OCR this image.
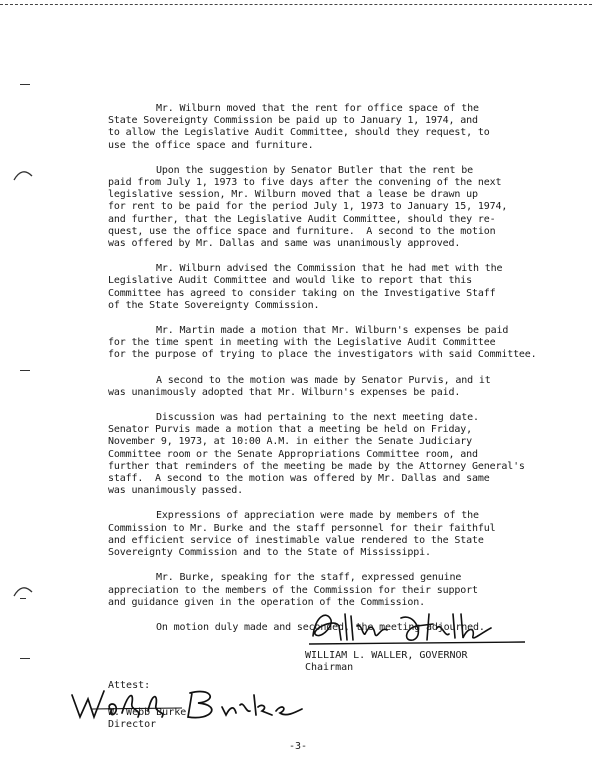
Mr. Wilburn moved that the rent for office space of the
State Sovereignty Commission be paid up to January 1, 1974, and
to allow the Legislative Audit Committee, should they request, to
use the office space and furniture.

Upon the suggestion by Senator Butler that the rent be
paid from July 1, 1973 to five days after the convening of the next
legislative session, Mr. Wilburn moved that a lease be drawn up
for rent to be paid for the period July 1, 1973 to January 15, 1974,
and further, that the Legislative Audit Committee, should they re-
quest, use the office space and furniture.  A second to the motion
was offered by Mr. Dallas and same was unanimously approved.

Mr. Wilburn advised the Commission that he had met with the
Legislative Audit Committee and would like to report that this
Committee has agreed to consider taking on the Investigative Staff
of the State Sovereignty Commission.

Mr. Martin made a motion that Mr. Wilburn's expenses be paid
for the time spent in meeting with the Legislative Audit Committee
for the purpose of trying to place the investigators with said Committee.

A second to the motion was made by Senator Purvis, and it
was unanimously adopted that Mr. Wilburn's expenses be paid.

Discussion was had pertaining to the next meeting date.
Senator Purvis made a motion that a meeting be held on Friday,
November 9, 1973, at 10:00 A.M. in either the Senate Judiciary
Committee room or the Senate Appropriations Committee room, and
further that reminders of the meeting be made by the Attorney General's
staff.  A second to the motion was offered by Mr. Dallas and same
was unanimously passed.

Expressions of appreciation were made by members of the
Commission to Mr. Burke and the staff personnel for their faithful
and efficient service of inestimable value rendered to the State
Sovereignty Commission and to the State of Mississippi.

Mr. Burke, speaking for the staff, expressed genuine
appreciation to the members of the Commission for their support
and guidance given in the operation of the Commission.

On motion duly made and seconded, the meeting adjourned.

WILLIAM L. WALLER, GOVERNOR
Chairman
Attest:
W. Webb Burke
Director
-3-
